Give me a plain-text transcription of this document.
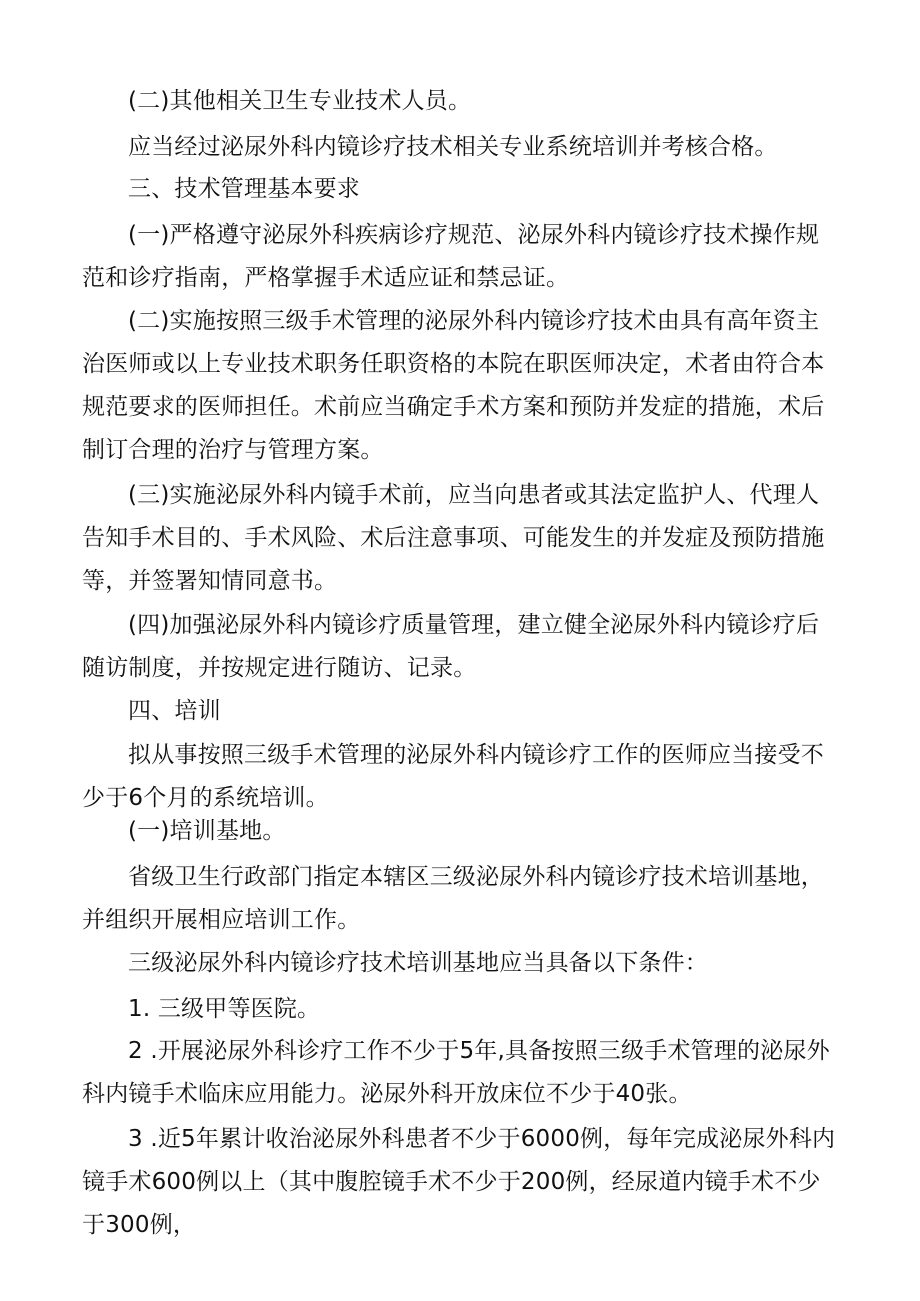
(二)其他相关卫生专业技术人员。

应当经过泌尿外科内镜诊疗技术相关专业系统培训并考核合格。

三、技术管理基本要求

(一)严格遵守泌尿外科疾病诊疗规范、泌尿外科内镜诊疗技术操作规范和诊疗指南，严格掌握手术适应证和禁忌证。

(二)实施按照三级手术管理的泌尿外科内镜诊疗技术由具有高年资主治医师或以上专业技术职务任职资格的本院在职医师决定，术者由符合本规范要求的医师担任。术前应当确定手术方案和预防并发症的措施，术后制订合理的治疗与管理方案。

(三)实施泌尿外科内镜手术前，应当向患者或其法定监护人、代理人告知手术目的、手术风险、术后注意事项、可能发生的并发症及预防措施等，并签署知情同意书。

(四)加强泌尿外科内镜诊疗质量管理，建立健全泌尿外科内镜诊疗后随访制度，并按规定进行随访、记录。

四、培训

拟从事按照三级手术管理的泌尿外科内镜诊疗工作的医师应当接受不少于6个月的系统培训。

(一)培训基地。

省级卫生行政部门指定本辖区三级泌尿外科内镜诊疗技术培训基地，并组织开展相应培训工作。

三级泌尿外科内镜诊疗技术培训基地应当具备以下条件：

1. 三级甲等医院。

2 .开展泌尿外科诊疗工作不少于5年,具备按照三级手术管理的泌尿外科内镜手术临床应用能力。泌尿外科开放床位不少于40张。

3 .近5年累计收治泌尿外科患者不少于6000例，每年完成泌尿外科内镜手术600例以上（其中腹腔镜手术不少于200例，经尿道内镜手术不少于300例，
